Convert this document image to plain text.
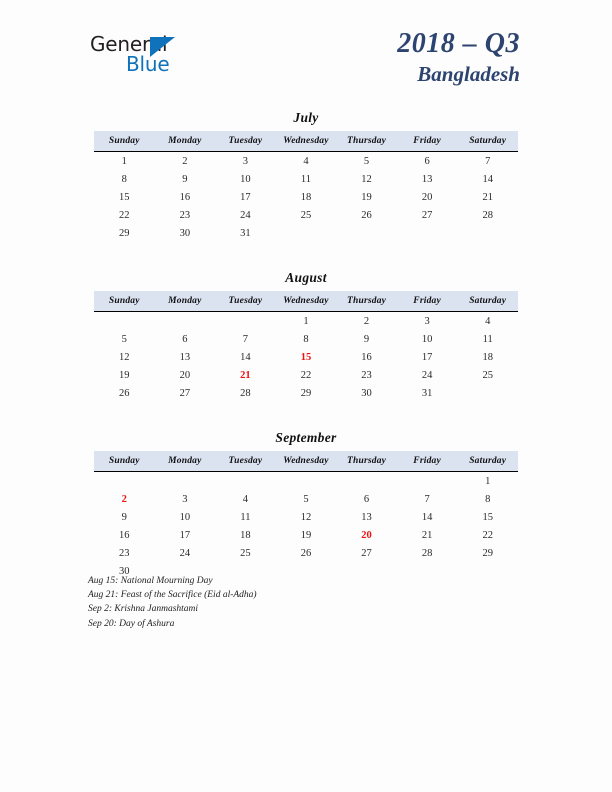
General
Blue
2018 – Q3
Bangladesh
July
Sunday	Monday	Tuesday	Wednesday	Thursday	Friday	Saturday
1	2	3	4	5	6	7
8	9	10	11	12	13	14
15	16	17	18	19	20	21
22	23	24	25	26	27	28
29	30	31				
August
Sunday	Monday	Tuesday	Wednesday	Thursday	Friday	Saturday
			1	2	3	4
5	6	7	8	9	10	11
12	13	14	15	16	17	18
19	20	21	22	23	24	25
26	27	28	29	30	31	
September
Sunday	Monday	Tuesday	Wednesday	Thursday	Friday	Saturday
						1
2	3	4	5	6	7	8
9	10	11	12	13	14	15
16	17	18	19	20	21	22
23	24	25	26	27	28	29
30						
Aug 15: National Mourning Day
Aug 21: Feast of the Sacrifice (Eid al-Adha)
Sep 2: Krishna Janmashtami
Sep 20: Day of Ashura
